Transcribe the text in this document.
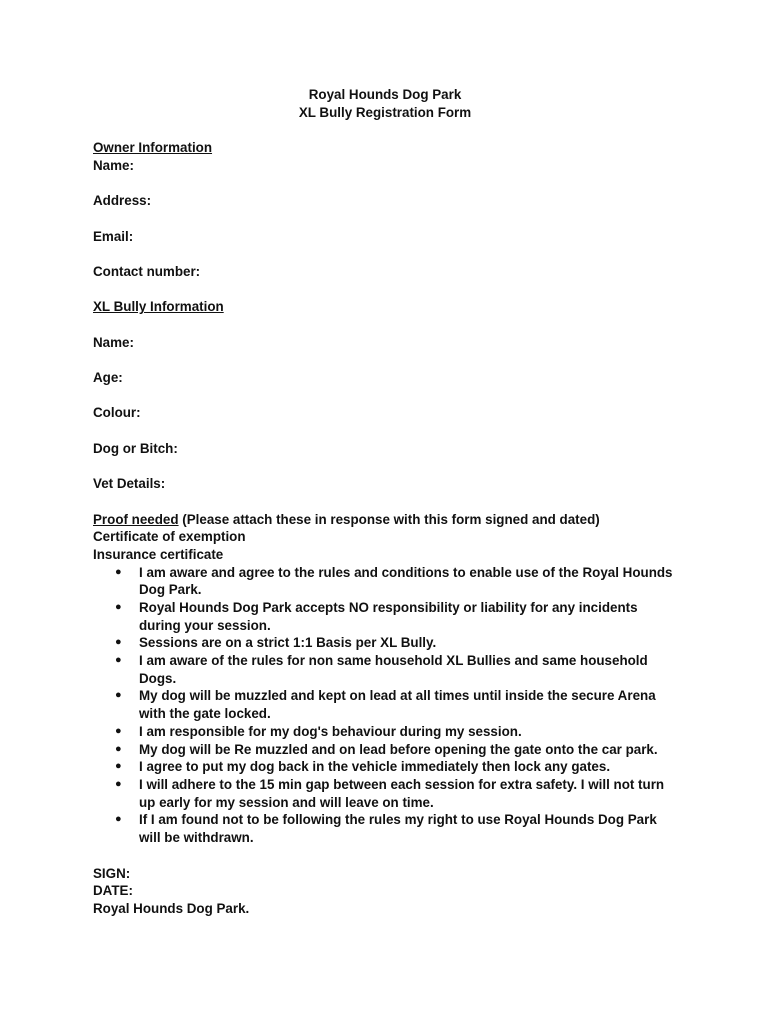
Royal Hounds Dog Park
XL Bully Registration Form
Owner Information
Name:
Address:
Email:
Contact number:
XL Bully Information
Name:
Age:
Colour:
Dog or Bitch:
Vet Details:
Proof needed (Please attach these in response with this form signed and dated)
Certificate of exemption
Insurance certificate
● I am aware and agree to the rules and conditions to enable use of the Royal Hounds Dog Park.
● Royal Hounds Dog Park accepts NO responsibility or liability for any incidents during your session.
● Sessions are on a strict 1:1 Basis per XL Bully.
● I am aware of the rules for non same household XL Bullies and same household Dogs.
● My dog will be muzzled and kept on lead at all times until inside the secure Arena with the gate locked.
● I am responsible for my dog's behaviour during my session.
● My dog will be Re muzzled and on lead before opening the gate onto the car park.
● I agree to put my dog back in the vehicle immediately then lock any gates.
● I will adhere to the 15 min gap between each session for extra safety. I will not turn up early for my session and will leave on time.
● If I am found not to be following the rules my right to use Royal Hounds Dog Park will be withdrawn.
SIGN:
DATE:
Royal Hounds Dog Park.
